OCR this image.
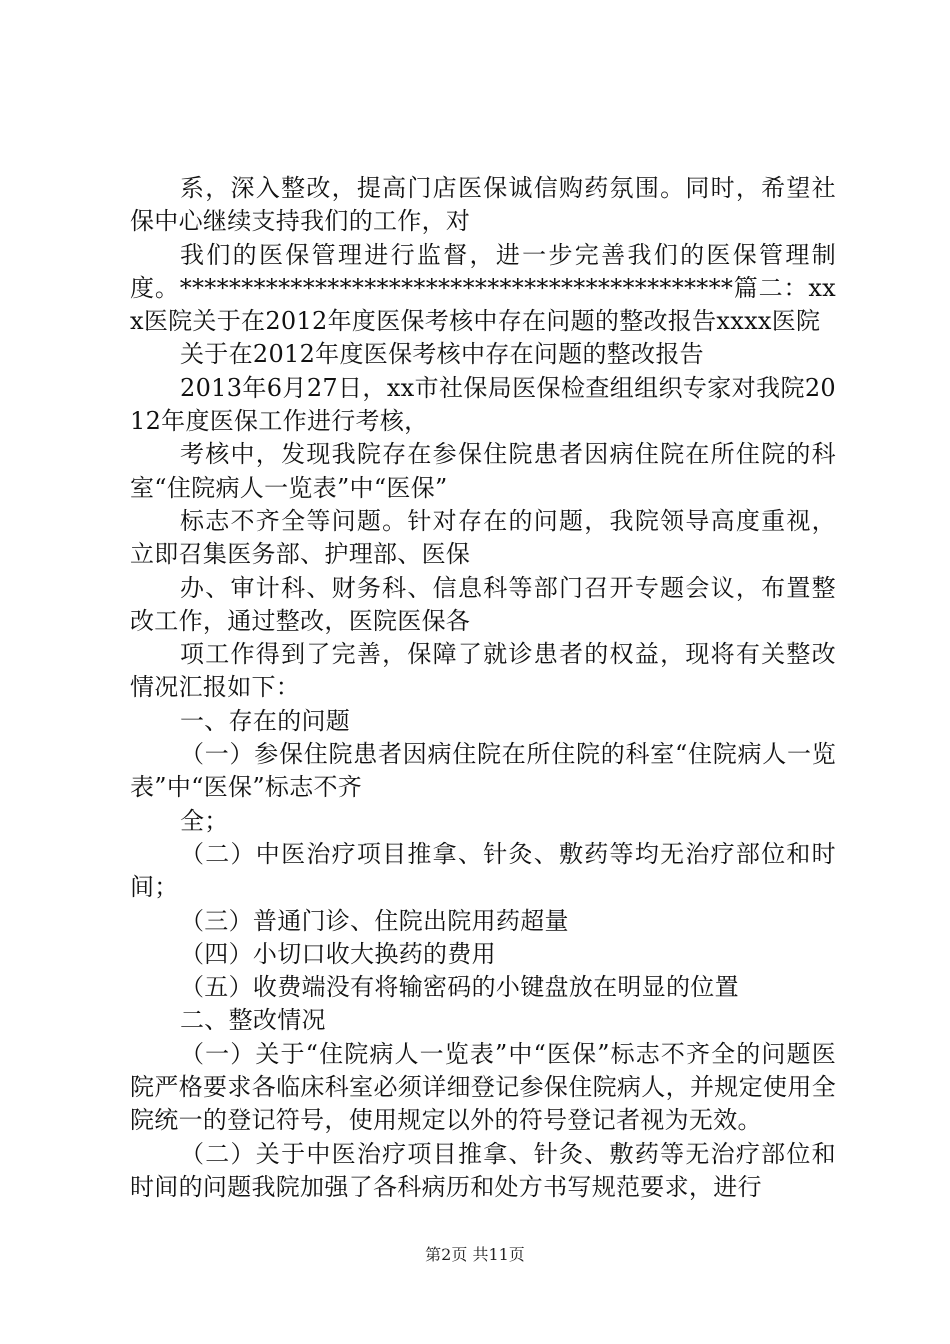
系，深入整改，提高门店医保诚信购药氛围。同时，希望社保中心继续支持我们的工作，对

我们的医保管理进行监督，进一步完善我们的医保管理制度。*********************************************篇二：xxx医院关于在2012年度医保考核中存在问题的整改报告xxxx医院

关于在2012年度医保考核中存在问题的整改报告

2013年6月27日，xx市社保局医保检查组组织专家对我院2012年度医保工作进行考核，

考核中，发现我院存在参保住院患者因病住院在所住院的科室“住院病人一览表”中“医保”

标志不齐全等问题。针对存在的问题，我院领导高度重视，立即召集医务部、护理部、医保

办、审计科、财务科、信息科等部门召开专题会议，布置整改工作，通过整改，医院医保各

项工作得到了完善，保障了就诊患者的权益，现将有关整改情况汇报如下：

一、存在的问题

（一）参保住院患者因病住院在所住院的科室“住院病人一览表”中“医保”标志不齐

全；

（二）中医治疗项目推拿、针灸、敷药等均无治疗部位和时间；

（三）普通门诊、住院出院用药超量

（四）小切口收大换药的费用

（五）收费端没有将输密码的小键盘放在明显的位置

二、整改情况

（一）关于“住院病人一览表”中“医保”标志不齐全的问题医院严格要求各临床科室必须详细登记参保住院病人，并规定使用全院统一的登记符号，使用规定以外的符号登记者视为无效。

（二）关于中医治疗项目推拿、针灸、敷药等无治疗部位和时间的问题我院加强了各科病历和处方书写规范要求，进行

第2页 共11页
